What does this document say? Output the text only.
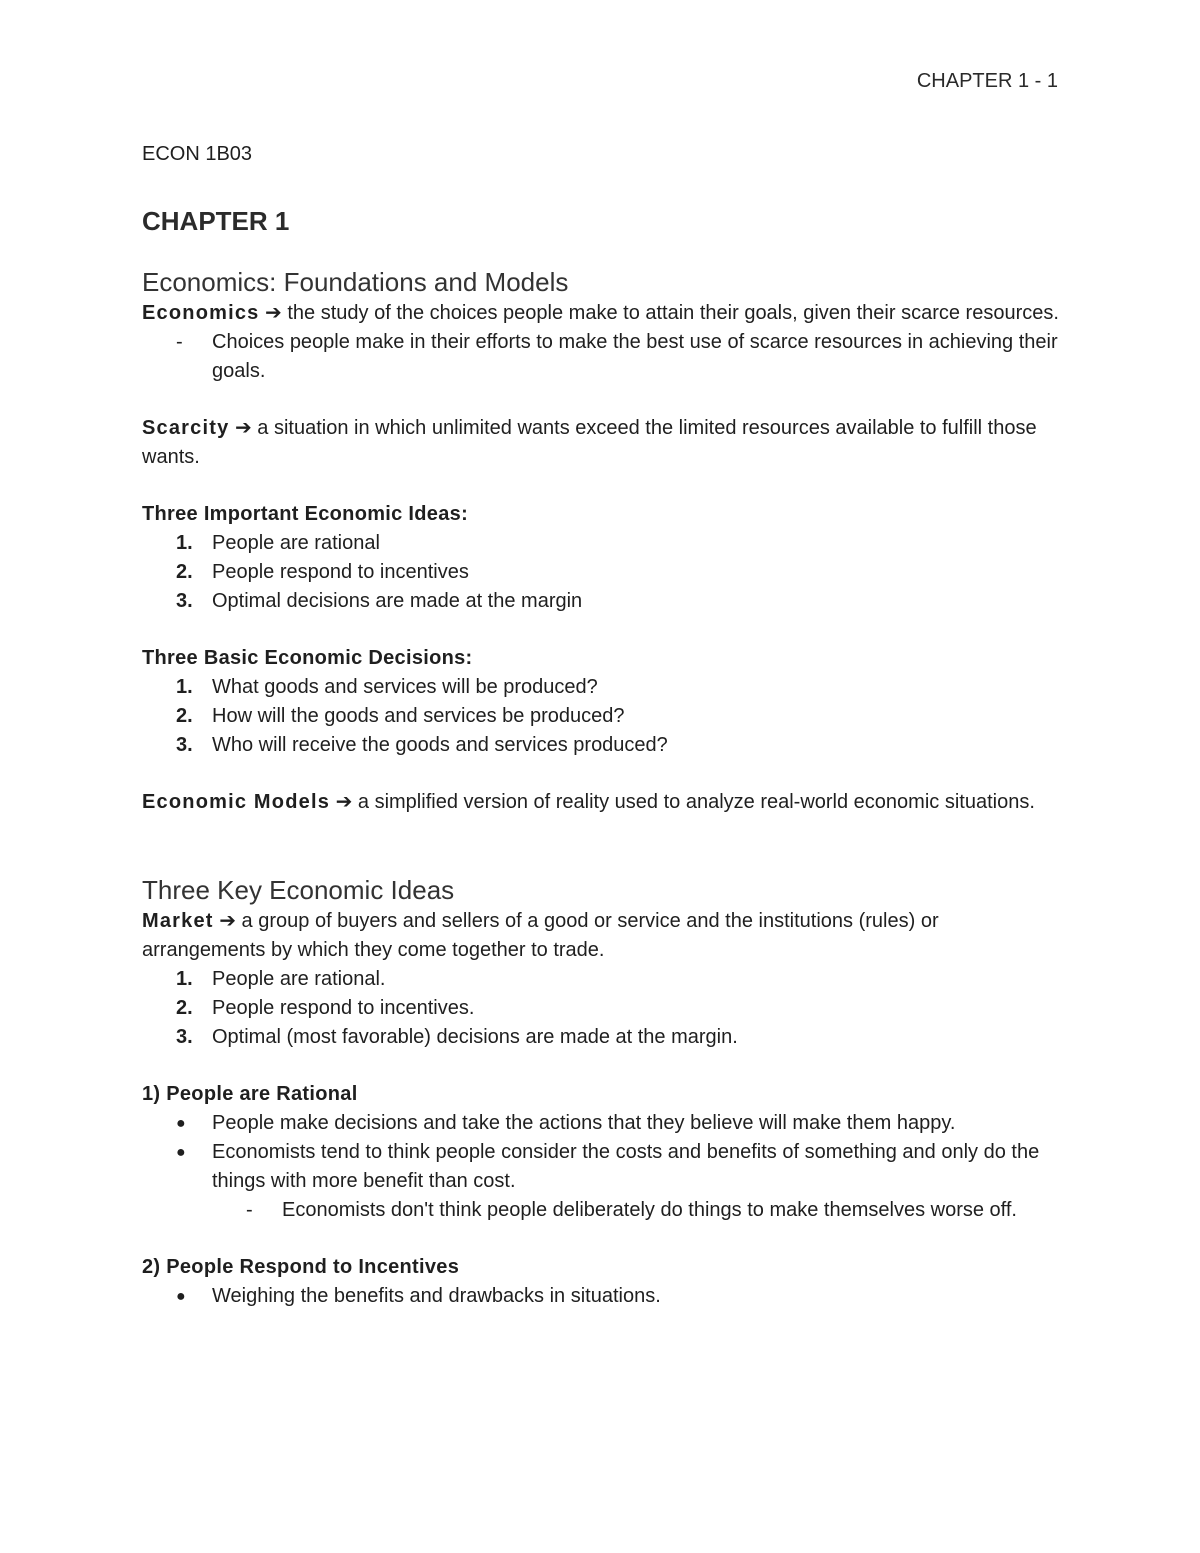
CHAPTER 1 - 1
ECON 1B03
CHAPTER 1
Economics: Foundations and Models

Economics ➔ the study of the choices people make to attain their goals, given their scarce resources.

- Choices people make in their efforts to make the best use of scarce resources in achieving their goals.

Scarcity ➔ a situation in which unlimited wants exceed the limited resources available to fulfill those wants.

Three Important Economic Ideas:

1. People are rational
2. People respond to incentives
3. Optimal decisions are made at the margin

Three Basic Economic Decisions:

1. What goods and services will be produced?
2. How will the goods and services be produced?
3. Who will receive the goods and services produced?

Economic Models ➔ a simplified version of reality used to analyze real-world economic situations.

Three Key Economic Ideas

Market ➔ a group of buyers and sellers of a good or service and the institutions (rules) or arrangements by which they come together to trade.

1. People are rational.
2. People respond to incentives.
3. Optimal (most favorable) decisions are made at the margin.

1) People are Rational

● People make decisions and take the actions that they believe will make them happy.
● Economists tend to think people consider the costs and benefits of something and only do the things with more benefit than cost.
- Economists don't think people deliberately do things to make themselves worse off.

2) People Respond to Incentives

● Weighing the benefits and drawbacks in situations.
